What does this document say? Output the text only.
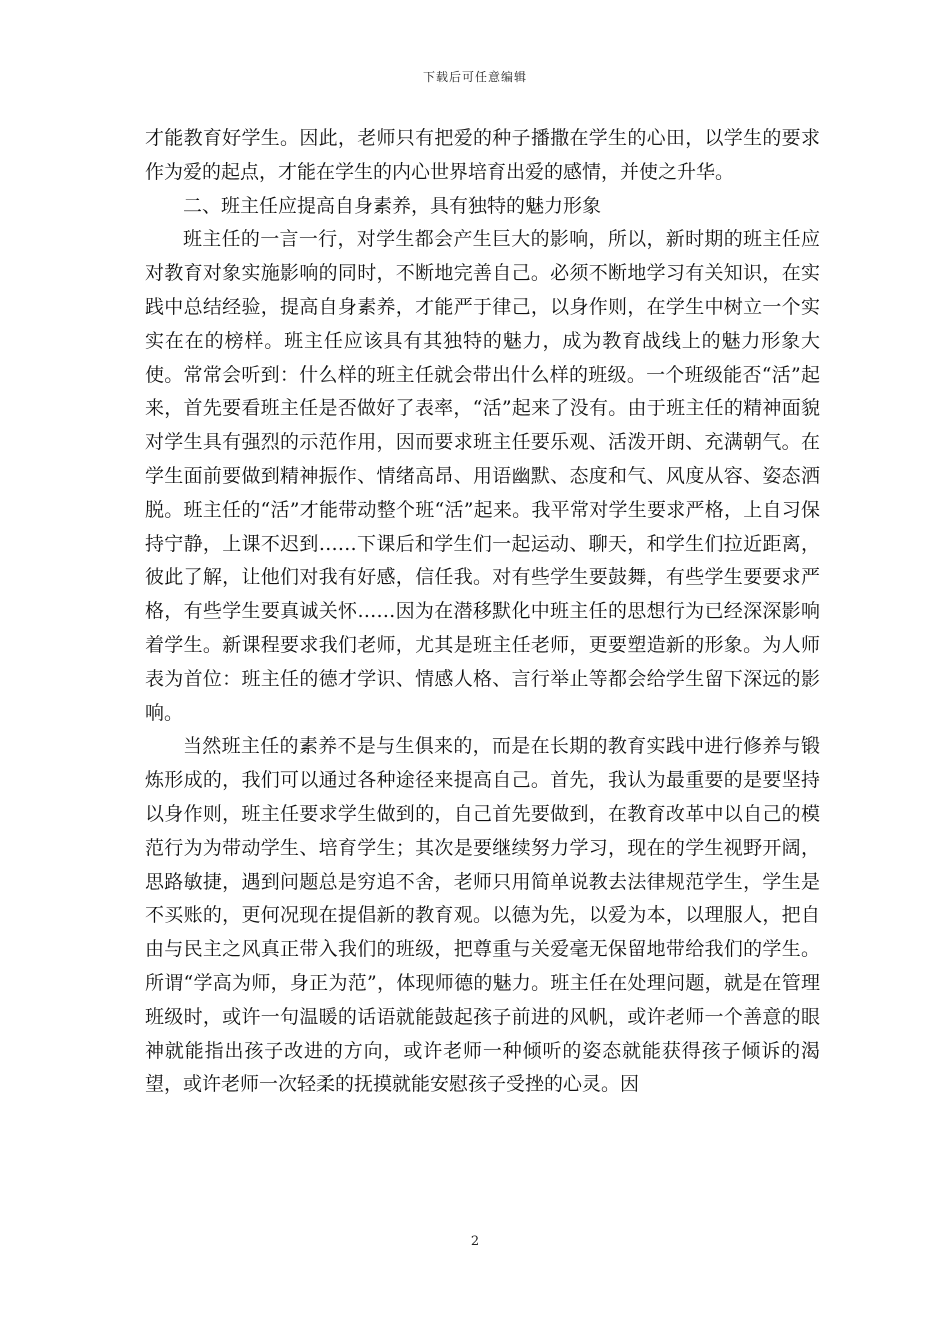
下载后可任意编辑

才能教育好学生。因此，老师只有把爱的种子播撒在学生的心田，以学生的要求作为爱的起点，才能在学生的内心世界培育出爱的感情，并使之升华。

二、班主任应提高自身素养，具有独特的魅力形象

班主任的一言一行，对学生都会产生巨大的影响，所以，新时期的班主任应对教育对象实施影响的同时，不断地完善自己。必须不断地学习有关知识，在实践中总结经验，提高自身素养，才能严于律己，以身作则，在学生中树立一个实实在在的榜样。班主任应该具有其独特的魅力，成为教育战线上的魅力形象大使。常常会听到：什么样的班主任就会带出什么样的班级。一个班级能否“活”起来，首先要看班主任是否做好了表率，“活”起来了没有。由于班主任的精神面貌对学生具有强烈的示范作用，因而要求班主任要乐观、活泼开朗、充满朝气。在学生面前要做到精神振作、情绪高昂、用语幽默、态度和气、风度从容、姿态洒脱。班主任的“活”才能带动整个班“活”起来。我平常对学生要求严格，上自习保持宁静，上课不迟到……下课后和学生们一起运动、聊天，和学生们拉近距离，彼此了解，让他们对我有好感，信任我。对有些学生要鼓舞，有些学生要要求严格，有些学生要真诚关怀……因为在潜移默化中班主任的思想行为已经深深影响着学生。新课程要求我们老师，尤其是班主任老师，更要塑造新的形象。为人师表为首位：班主任的德才学识、情感人格、言行举止等都会给学生留下深远的影响。

当然班主任的素养不是与生俱来的，而是在长期的教育实践中进行修养与锻炼形成的，我们可以通过各种途径来提高自己。首先，我认为最重要的是要坚持以身作则，班主任要求学生做到的，自己首先要做到，在教育改革中以自己的模范行为为带动学生、培育学生；其次是要继续努力学习，现在的学生视野开阔，思路敏捷，遇到问题总是穷追不舍，老师只用简单说教去法律规范学生，学生是不买账的，更何况现在提倡新的教育观。以德为先，以爱为本，以理服人，把自由与民主之风真正带入我们的班级，把尊重与关爱毫无保留地带给我们的学生。所谓“学高为师，身正为范”，体现师德的魅力。班主任在处理问题，就是在管理班级时，或许一句温暖的话语就能鼓起孩子前进的风帆，或许老师一个善意的眼神就能指出孩子改进的方向，或许老师一种倾听的姿态就能获得孩子倾诉的渴望，或许老师一次轻柔的抚摸就能安慰孩子受挫的心灵。因

2
